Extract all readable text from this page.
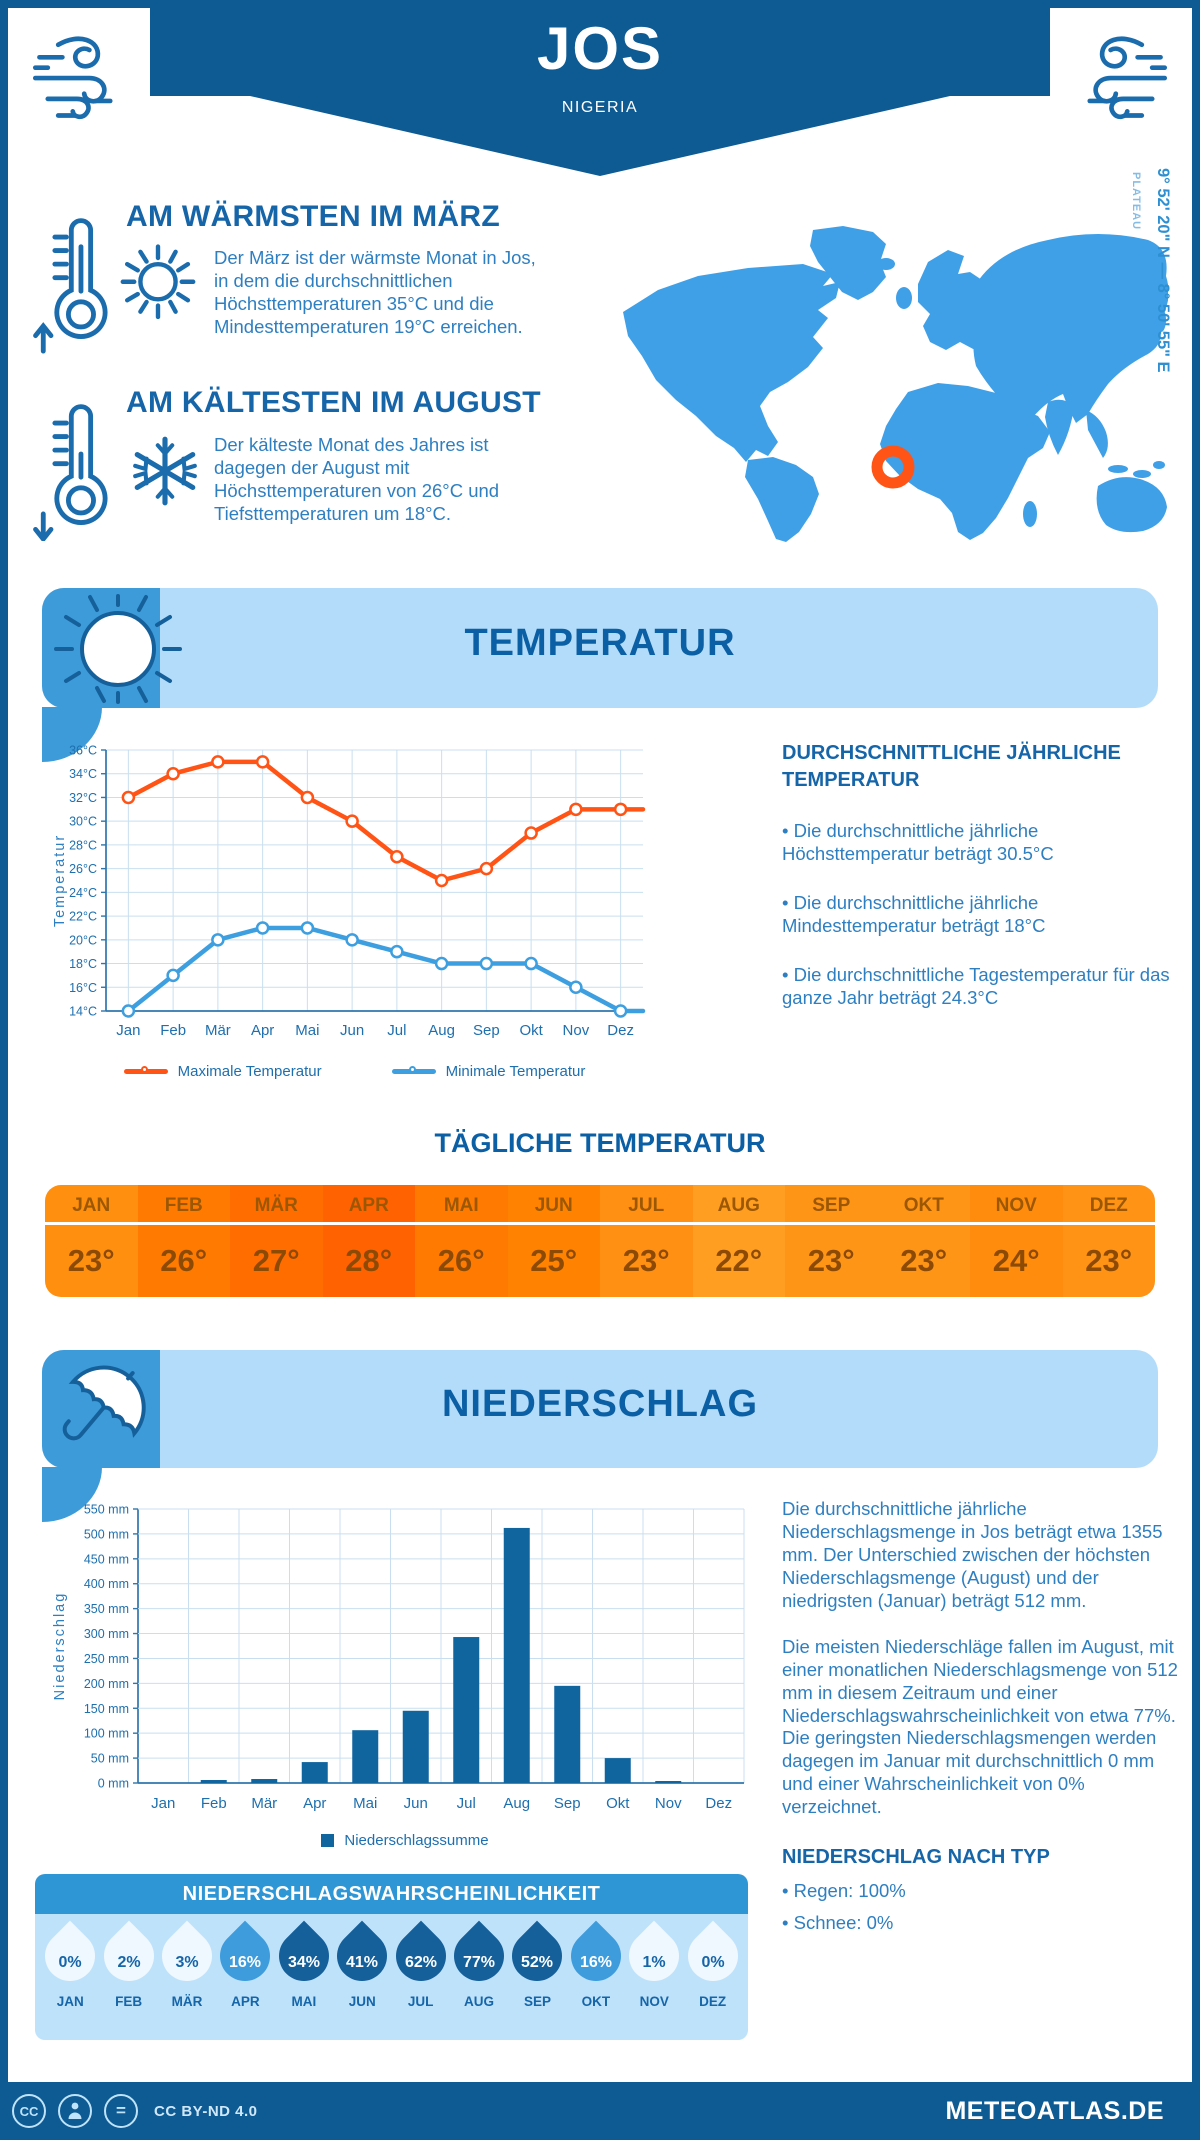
JOS
NIGERIA
AM WÄRMSTEN IM MÄRZ
Der März ist der wärmste Monat in Jos, in dem die durchschnittlichen Höchsttemperaturen 35°C und die Mindesttemperaturen 19°C erreichen.
AM KÄLTESTEN IM AUGUST
Der kälteste Monat des Jahres ist dagegen der August mit Höchsttemperaturen von 26°C und Tiefsttemperaturen um 18°C.
9° 52' 20" N — 8° 50' 55" E
PLATEAU
TEMPERATUR
14°C
16°C
18°C
20°C
22°C
24°C
26°C
28°C
30°C
32°C
34°C
36°C
Jan Feb Mär Apr Mai Jun Jul Aug Sep Okt Nov Dez
Temperatur
Maximale Temperatur	Minimale Temperatur
DURCHSCHNITTLICHE JÄHRLICHE TEMPERATUR
• Die durchschnittliche jährliche Höchsttemperatur beträgt 30.5°C
• Die durchschnittliche jährliche Mindesttemperatur beträgt 18°C
• Die durchschnittliche Tagestemperatur für das ganze Jahr beträgt 24.3°C
TÄGLICHE TEMPERATUR
JAN
23°
FEB
26°
MÄR
27°
APR
28°
MAI
26°
JUN
25°
JUL
23°
AUG
22°
SEP
23°
OKT
23°
NOV
24°
DEZ
23°
NIEDERSCHLAG
0 mm
50 mm
100 mm
150 mm
200 mm
250 mm
300 mm
350 mm
400 mm
450 mm
500 mm
550 mm
Jan Feb Mär Apr Mai Jun Jul Aug Sep Okt Nov Dez
Niederschlag
Niederschlagssumme
Die durchschnittliche jährliche Niederschlagsmenge in Jos beträgt etwa 1355 mm. Der Unterschied zwischen der höchsten Niederschlagsmenge (August) und der niedrigsten (Januar) beträgt 512 mm.
Die meisten Niederschläge fallen im August, mit einer monatlichen Niederschlagsmenge von 512 mm in diesem Zeitraum und einer Niederschlagswahrscheinlichkeit von etwa 77%. Die geringsten Niederschlagsmengen werden dagegen im Januar mit durchschnittlich 0 mm und einer Wahrscheinlichkeit von 0% verzeichnet.
NIEDERSCHLAG NACH TYP
• Regen: 100%
• Schnee: 0%
NIEDERSCHLAGSWAHRSCHEINLICHKEIT
0%
JAN
2%
FEB
3%
MÄR
16%
APR
34%
MAI
41%
JUN
62%
JUL
77%
AUG
52%
SEP
16%
OKT
1%
NOV
0%
DEZ
CC	=	CC BY-ND 4.0	METEOATLAS.DE
